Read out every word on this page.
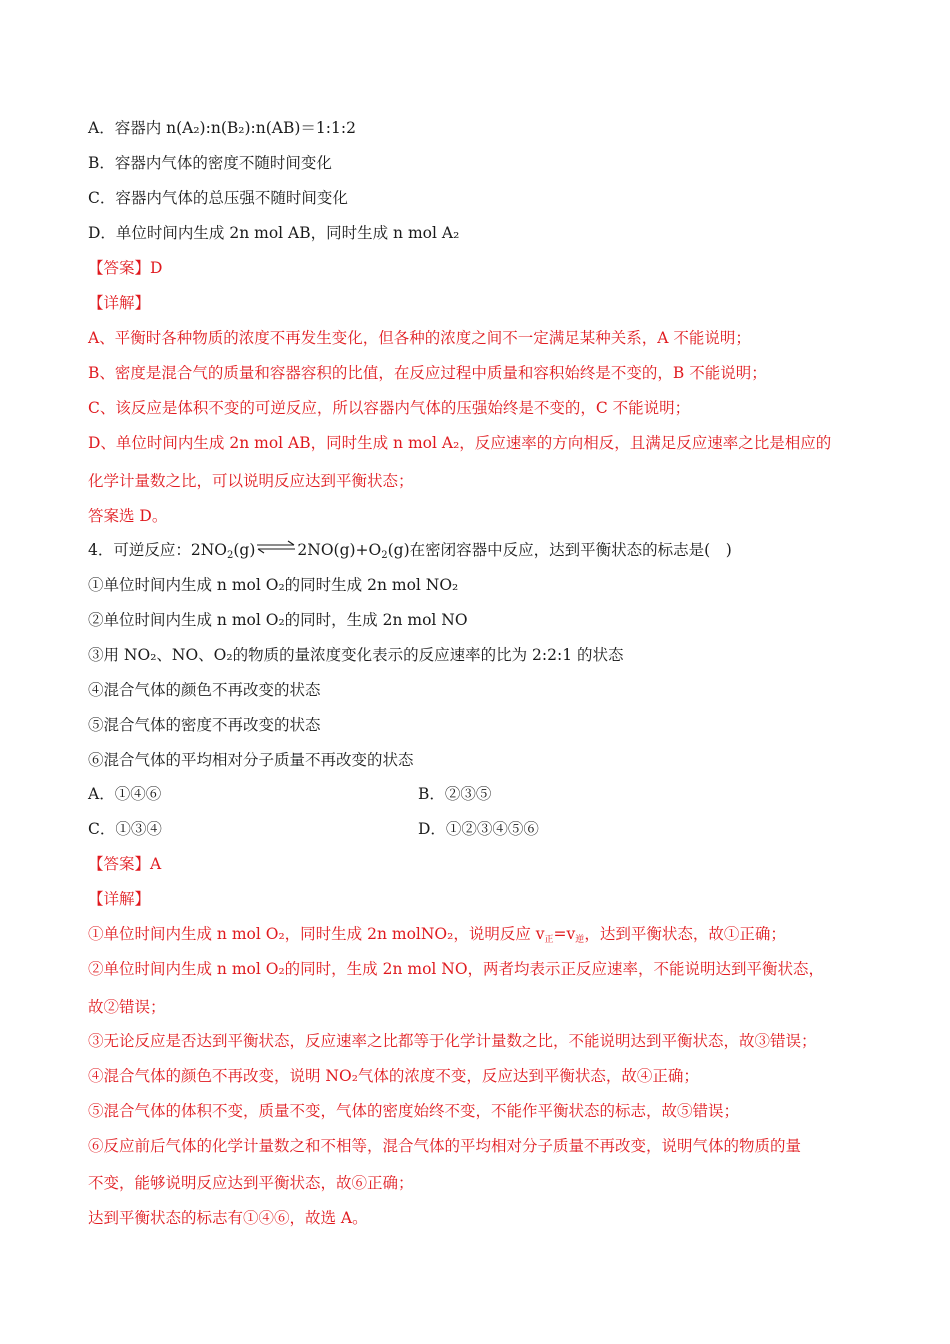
A．容器内 n(A₂):n(B₂):n(AB)＝1:1:2
B．容器内气体的密度不随时间变化
C．容器内气体的总压强不随时间变化
D．单位时间内生成 2n mol AB，同时生成 n mol A₂
【答案】D
【详解】
A、平衡时各种物质的浓度不再发生变化，但各种的浓度之间不一定满足某种关系，A 不能说明；
B、密度是混合气的质量和容器容积的比值，在反应过程中质量和容积始终是不变的，B 不能说明；
C、该反应是体积不变的可逆反应，所以容器内气体的压强始终是不变的，C 不能说明；
D、单位时间内生成 2n mol AB，同时生成 n mol A₂，反应速率的方向相反，且满足反应速率之比是相应的
化学计量数之比，可以说明反应达到平衡状态；
答案选 D。
4．可逆反应：$2NO_2(g)\rightleftharpoons 2NO(g)+O_2(g)$在密闭容器中反应，达到平衡状态的标志是(　)
①单位时间内生成 n mol O₂的同时生成 2n mol NO₂
②单位时间内生成 n mol O₂的同时，生成 2n mol NO
③用 NO₂、NO、O₂的物质的量浓度变化表示的反应速率的比为 2:2:1 的状态
④混合气体的颜色不再改变的状态
⑤混合气体的密度不再改变的状态
⑥混合气体的平均相对分子质量不再改变的状态
A．①④⑥	B．②③⑤
C．①③④	D．①②③④⑤⑥
【答案】A
【详解】
①单位时间内生成 n mol O₂，同时生成 2n molNO₂，说明反应 v正=v逆，达到平衡状态，故①正确；
②单位时间内生成 n mol O₂的同时，生成 2n mol NO，两者均表示正反应速率，不能说明达到平衡状态，
故②错误；
③无论反应是否达到平衡状态，反应速率之比都等于化学计量数之比，不能说明达到平衡状态，故③错误；
④混合气体的颜色不再改变，说明 NO₂气体的浓度不变，反应达到平衡状态，故④正确；
⑤混合气体的体积不变，质量不变，气体的密度始终不变，不能作平衡状态的标志，故⑤错误；
⑥反应前后气体的化学计量数之和不相等，混合气体的平均相对分子质量不再改变，说明气体的物质的量
不变，能够说明反应达到平衡状态，故⑥正确；
达到平衡状态的标志有①④⑥，故选 A。
